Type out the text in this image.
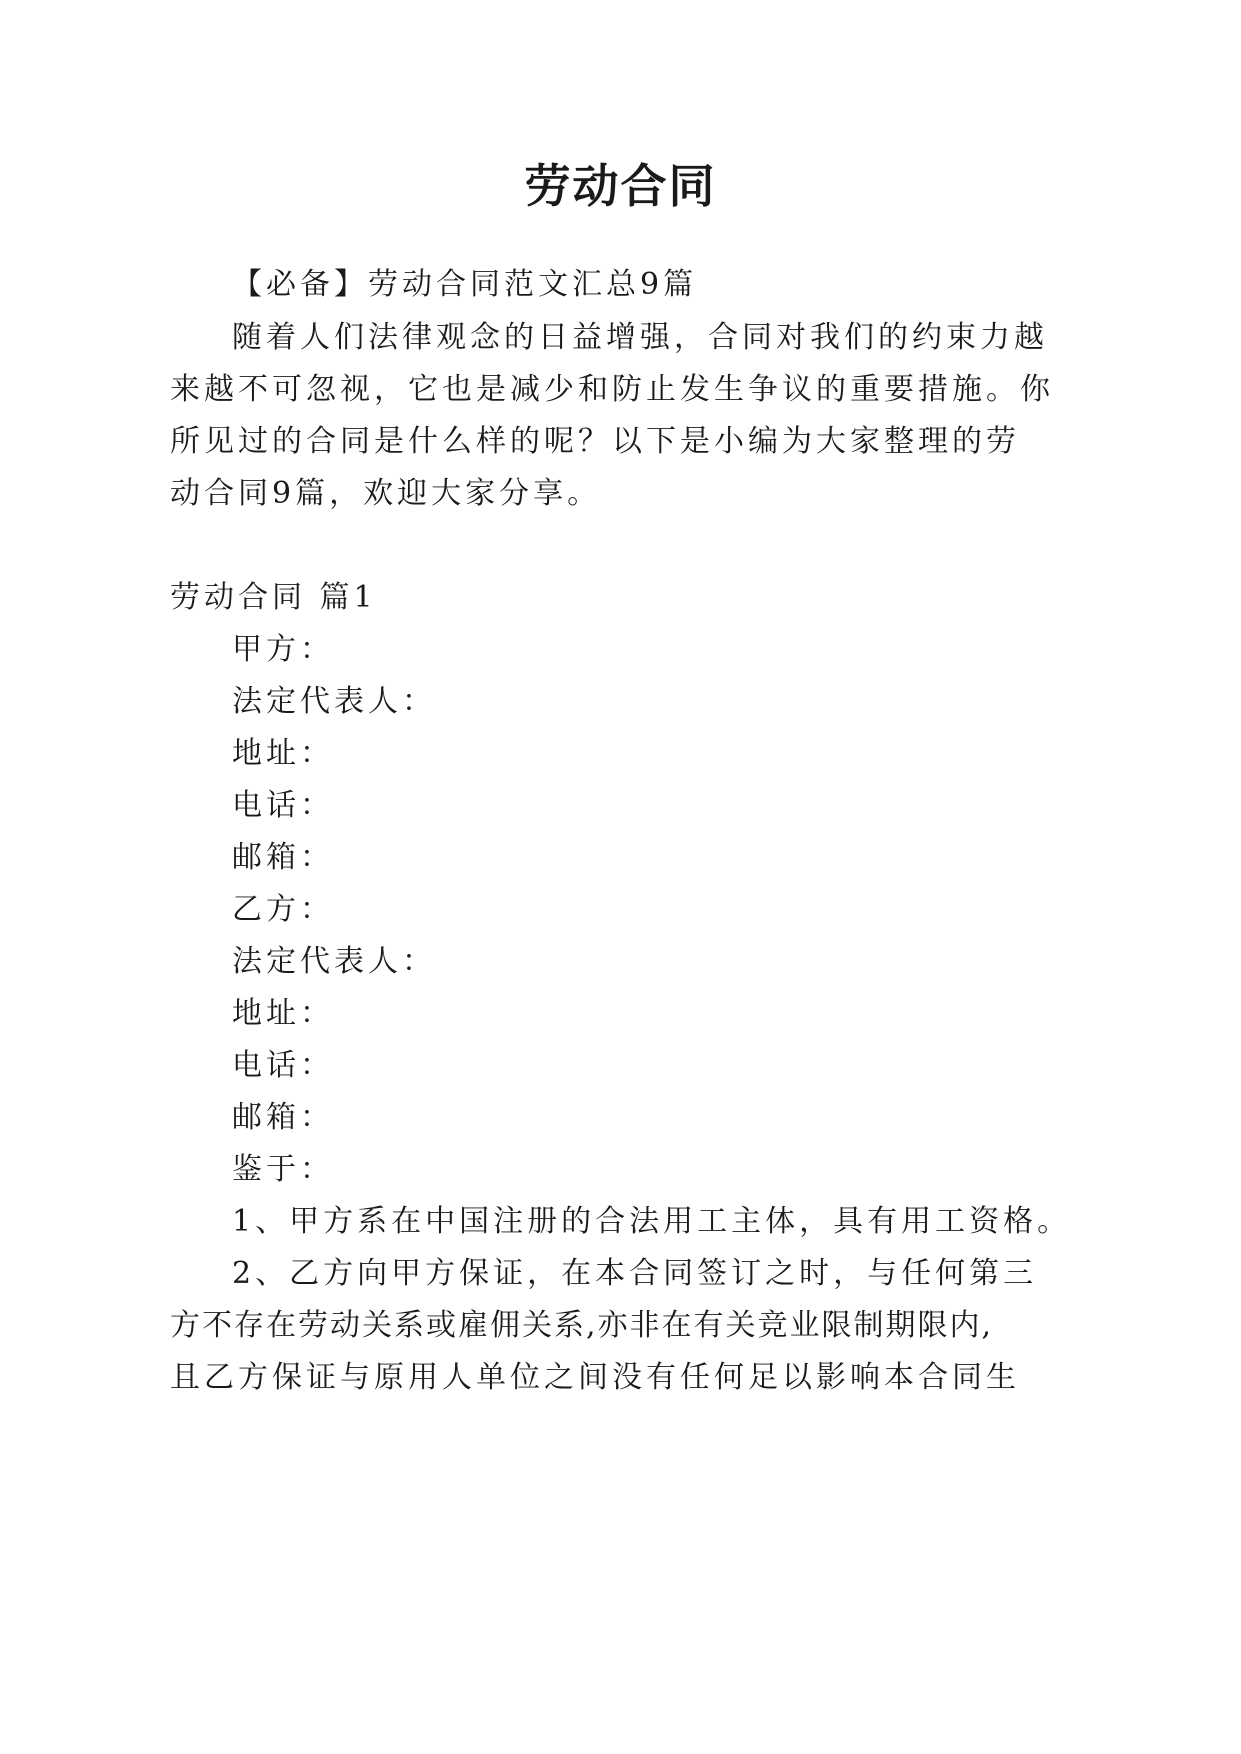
劳动合同
【必备】劳动合同范文汇总9篇
随着人们法律观念的日益增强，合同对我们的约束力越
来越不可忽视，它也是减少和防止发生争议的重要措施。你
所见过的合同是什么样的呢？以下是小编为大家整理的劳
动合同9篇，欢迎大家分享。
劳动合同 篇1
甲方：
法定代表人：
地址：
电话：
邮箱：
乙方：
法定代表人：
地址：
电话：
邮箱：
鉴于：
1、甲方系在中国注册的合法用工主体，具有用工资格。
2、乙方向甲方保证，在本合同签订之时，与任何第三
方不存在劳动关系或雇佣关系,亦非在有关竞业限制期限内,
且乙方保证与原用人单位之间没有任何足以影响本合同生
